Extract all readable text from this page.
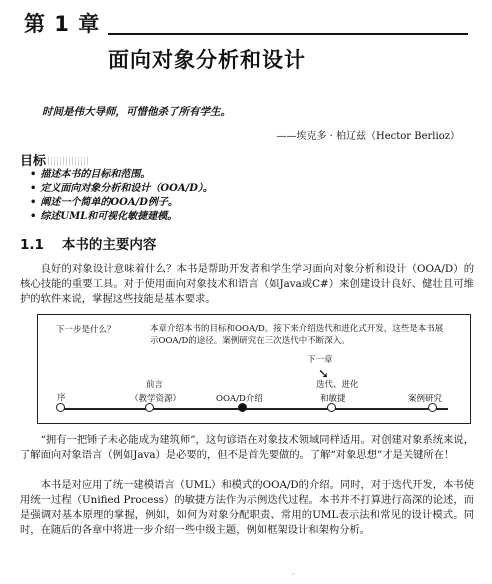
第 1 章
面向对象分析和设计
时间是伟大导师，可惜他杀了所有学生。
——埃克多 · 柏辽兹（Hector Berlioz）
目标
• 描述本书的目标和范围。
• 定义面向对象分析和设计（OOA/D）。
• 阐述一个简单的OOA/D例子。
• 综述UML和可视化敏捷建模。
1.1 本书的主要内容

良好的对象设计意味着什么？本书是帮助开发者和学生学习面向对象分析和设计（OOA/D）的核心技能的重要工具。对于使用面向对象技术和语言（如Java或C#）来创建设计良好、健壮且可维护的软件来说，掌握这些技能是基本要求。

下一步是什么？	本章介绍本书的目标和OOA/D。接下来介绍迭代和进化式开发，这些是本书展示OOA/D的途径。案例研究在三次迭代中不断深入。
下一章
➘
序
前言
（教学资源）	OOA/D介绍
迭代、进化
和敏捷	案例研究

“拥有一把锤子未必能成为建筑师”，这句谚语在对象技术领域同样适用。对创建对象系统来说，了解面向对象语言（例如Java）是必要的，但不是首先要做的。了解“对象思想”才是关键所在！

本书是对应用了统一建模语言（UML）和模式的OOA/D的介绍。同时，对于迭代开发，本书使用统一过程（Unified Process）的敏捷方法作为示例迭代过程。本书并不打算进行高深的论述，而是强调对基本原理的掌握，例如，如何为对象分配职责、常用的UML表示法和常见的设计模式。同时，在随后的各章中将进一步介绍一些中级主题，例如框架设计和架构分析。

·
